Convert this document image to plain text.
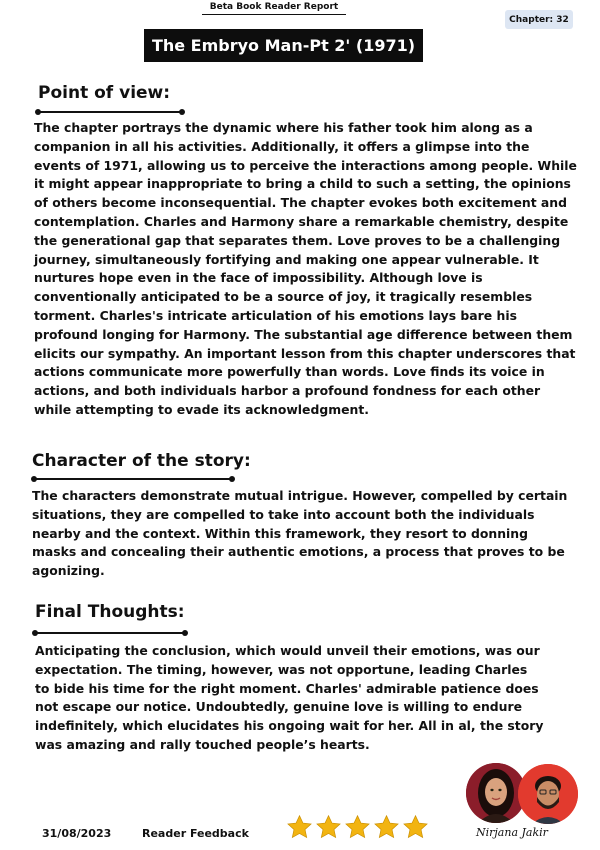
Beta Book Reader Report
Chapter: 32
The Embryo Man-Pt 2' (1971)
Point of view:

The chapter portrays the dynamic where his father took him along as a companion in all his activities. Additionally, it offers a glimpse into the events of 1971, allowing us to perceive the interactions among people. While it might appear inappropriate to bring a child to such a setting, the opinions of others become inconsequential. The chapter evokes both excitement and contemplation. Charles and Harmony share a remarkable chemistry, despite the generational gap that separates them. Love proves to be a challenging journey, simultaneously fortifying and making one appear vulnerable. It nurtures hope even in the face of impossibility. Although love is conventionally anticipated to be a source of joy, it tragically resembles torment. Charles's intricate articulation of his emotions lays bare his profound longing for Harmony. The substantial age difference between them elicits our sympathy. An important lesson from this chapter underscores that actions communicate more powerfully than words. Love finds its voice in actions, and both individuals harbor a profound fondness for each other while attempting to evade its acknowledgment.

Character of the story:

The characters demonstrate mutual intrigue. However, compelled by certain situations, they are compelled to take into account both the individuals nearby and the context. Within this framework, they resort to donning masks and concealing their authentic emotions, a process that proves to be agonizing.

Final Thoughts:

Anticipating the conclusion, which would unveil their emotions, was our expectation. The timing, however, was not opportune, leading Charles to bide his time for the right moment. Charles' admirable patience does not escape our notice. Undoubtedly, genuine love is willing to endure indefinitely, which elucidates his ongoing wait for her. All in al, the story was amazing and rally touched people’s hearts.

31/08/2023	Reader Feedback	Nirjana Jakir
